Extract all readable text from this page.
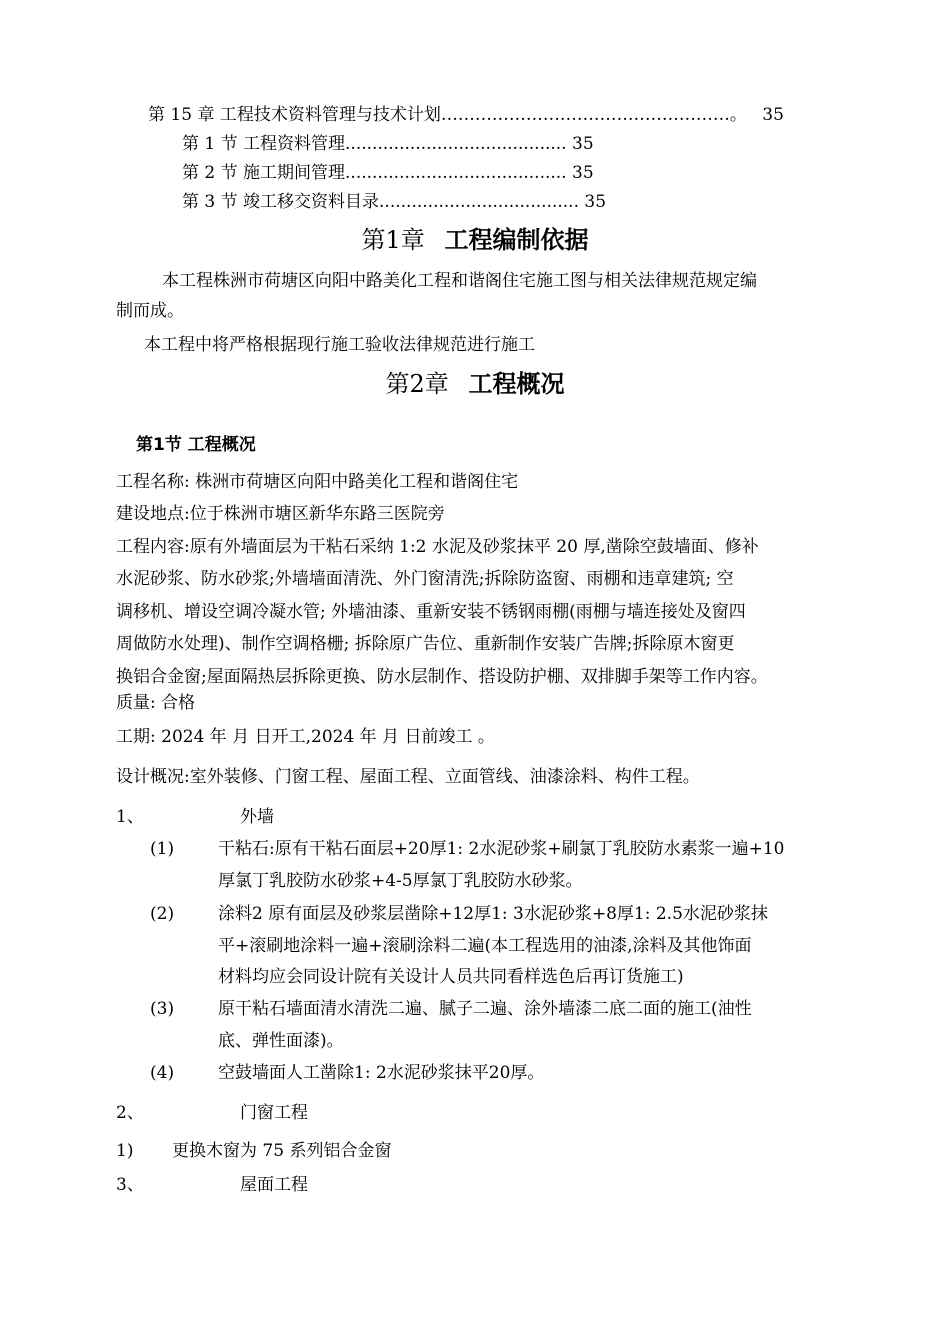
第 15 章 工程技术资料管理与技术计划……………………………………………。 35
第 1 节 工程资料管理......................................... 35
第 2 节 施工期间管理......................................... 35
第 3 节 竣工移交资料目录..................................... 35
第1章 工程编制依据
本工程株洲市荷塘区向阳中路美化工程和谐阁住宅施工图与相关法律规范规定编
制而成。
本工程中将严格根据现行施工验收法律规范进行施工
第2章 工程概况
第1节 工程概况
工程名称: 株洲市荷塘区向阳中路美化工程和谐阁住宅
建设地点:位于株洲市塘区新华东路三医院旁
工程内容:原有外墙面层为干粘石采纳 1:2 水泥及砂浆抹平 20 厚,凿除空鼓墙面、修补
水泥砂浆、防水砂浆;外墙墙面清洗、外门窗清洗;拆除防盗窗、雨棚和违章建筑; 空
调移机、增设空调冷凝水管; 外墙油漆、重新安装不锈钢雨棚(雨棚与墙连接处及窗四
周做防水处理)、制作空调格栅; 拆除原广告位、重新制作安装广告牌;拆除原木窗更
换铝合金窗;屋面隔热层拆除更换、防水层制作、搭设防护棚、双排脚手架等工作内容。
质量: 合格
工期: 2024 年 月 日开工,2024 年 月 日前竣工 。
设计概况:室外装修、门窗工程、屋面工程、立面管线、油漆涂料、构件工程。
1、	外墙
(1)	干粘石:原有干粘石面层+20厚1: 2水泥砂浆+刷氯丁乳胶防水素浆一遍+10
厚氯丁乳胶防水砂浆+4-5厚氯丁乳胶防水砂浆。
(2)	涂料2 原有面层及砂浆层凿除+12厚1: 3水泥砂浆+8厚1: 2.5水泥砂浆抹
平+滚刷地涂料一遍+滚刷涂料二遍(本工程选用的油漆,涂料及其他饰面
材料均应会同设计院有关设计人员共同看样选色后再订货施工)
(3)	原干粘石墙面清水清洗二遍、腻子二遍、涂外墙漆二底二面的施工(油性
底、弹性面漆)。
(4)	空鼓墙面人工凿除1: 2水泥砂浆抹平20厚。
2、	门窗工程
1) 更换木窗为 75 系列铝合金窗
3、	屋面工程
